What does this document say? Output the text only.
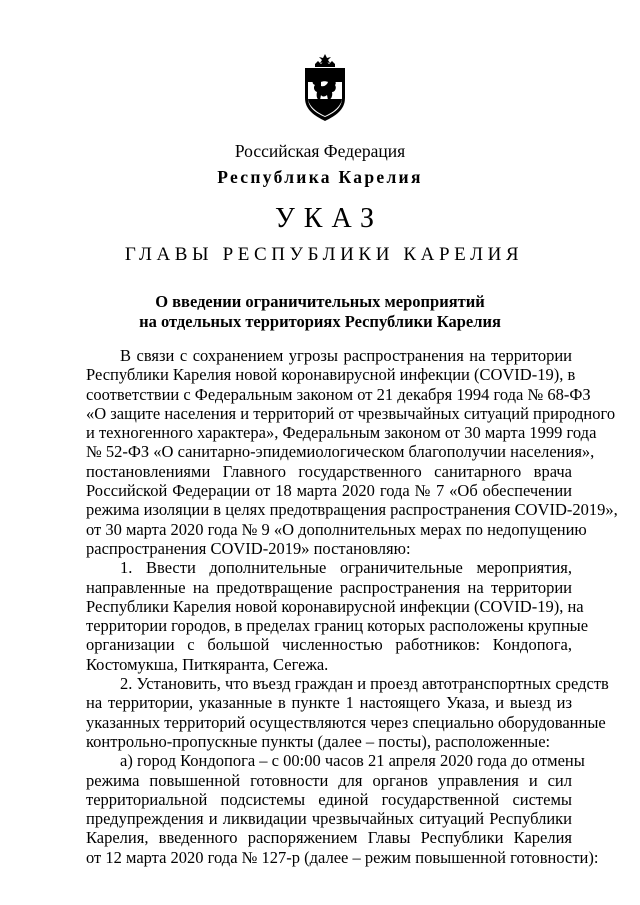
Российская Федерация
Республика Карелия
УКАЗ
ГЛАВЫ РЕСПУБЛИКИ КАРЕЛИЯ
О введении ограничительных мероприятий
на отдельных территориях Республики Карелия
В связи с сохранением угрозы распространения на территории
Республики Карелия новой коронавирусной инфекции (COVID-19), в
соответствии с Федеральным законом от 21 декабря 1994 года № 68-ФЗ
«О защите населения и территорий от чрезвычайных ситуаций природного
и техногенного характера», Федеральным законом от 30 марта 1999 года
№ 52-ФЗ «О санитарно-эпидемиологическом благополучии населения»,
постановлениями Главного государственного санитарного врача
Российской Федерации от 18 марта 2020 года № 7 «Об обеспечении
режима изоляции в целях предотвращения распространения COVID-2019»,
от 30 марта 2020 года № 9 «О дополнительных мерах по недопущению
распространения COVID-2019» постановляю:
1. Ввести дополнительные ограничительные мероприятия,
направленные на предотвращение распространения на территории
Республики Карелия новой коронавирусной инфекции (COVID-19), на
территории городов, в пределах границ которых расположены крупные
организации с большой численностью работников: Кондопога,
Костомукша, Питкяранта, Сегежа.
2. Установить, что въезд граждан и проезд автотранспортных средств
на территории, указанные в пункте 1 настоящего Указа, и выезд из
указанных территорий осуществляются через специально оборудованные
контрольно-пропускные пункты (далее – посты), расположенные:
а) город Кондопога – с 00:00 часов 21 апреля 2020 года до отмены
режима повышенной готовности для органов управления и сил
территориальной подсистемы единой государственной системы
предупреждения и ликвидации чрезвычайных ситуаций Республики
Карелия, введенного распоряжением Главы Республики Карелия
от 12 марта 2020 года № 127-р (далее – режим повышенной готовности):
